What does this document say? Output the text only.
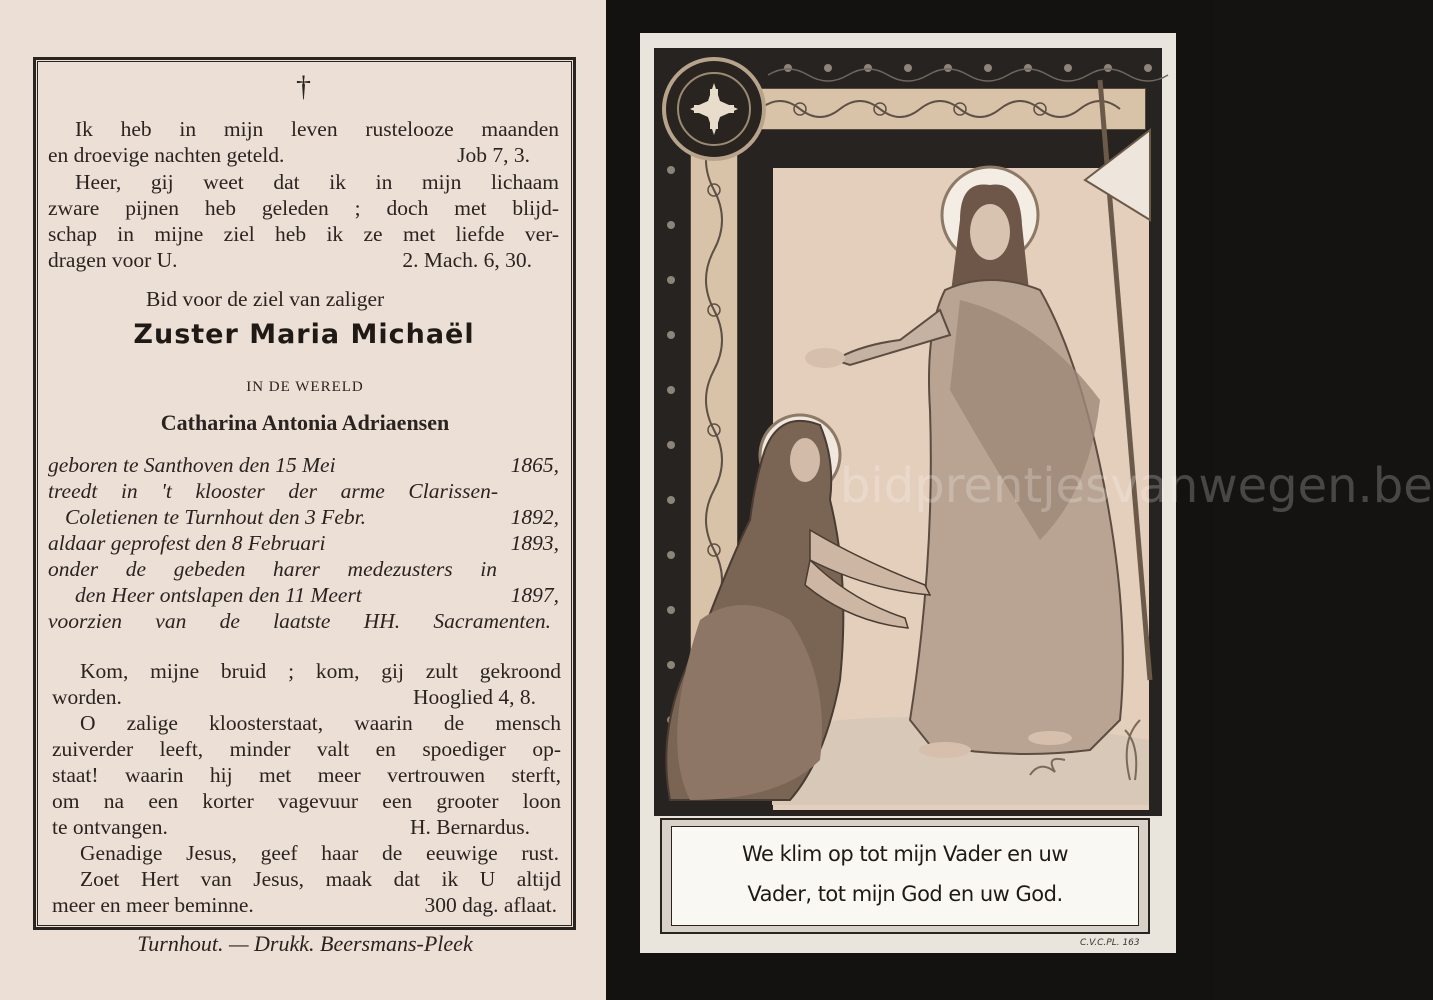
†
Ik heb in mijn leven rustelooze maanden
en droevige nachten geteld.	Job 7, 3.
Heer, gij weet dat ik in mijn lichaam
zware pijnen heb geleden ; doch met blijd-
schap in mijne ziel heb ik ze met liefde ver-
dragen voor U.	2. Mach. 6, 30.
Bid voor de ziel van zaliger
Zuster Maria Michaël
IN DE WERELD
Catharina Antonia Adriaensen
geboren te Santhoven den 15 Mei	1865,
treedt in 't klooster der arme Clarissen-
Coletienen te Turnhout den 3 Febr.	1892,
aldaar geprofest den 8 Februari	1893,
onder de gebeden harer medezusters in
den Heer ontslapen den 11 Meert	1897,
voorzien van de laatste HH. Sacramenten.
Kom, mijne bruid ; kom, gij zult gekroond
worden.	Hooglied 4, 8.
O zalige kloosterstaat, waarin de mensch
zuiverder leeft, minder valt en spoediger op-
staat! waarin hij met meer vertrouwen sterft,
om na een korter vagevuur een grooter loon
te ontvangen.	H. Bernardus.
Genadige Jesus, geef haar de eeuwige rust.
Zoet Hert van Jesus, maak dat ik U altijd
meer en meer beminne.	300 dag. aflaat.
Turnhout. — Drukk. Beersmans-Pleek
bidprentjesvanwegen.be
We klim op tot mijn Vader en uw
Vader, tot mijn God en uw God.
C.V.C.PL. 163
